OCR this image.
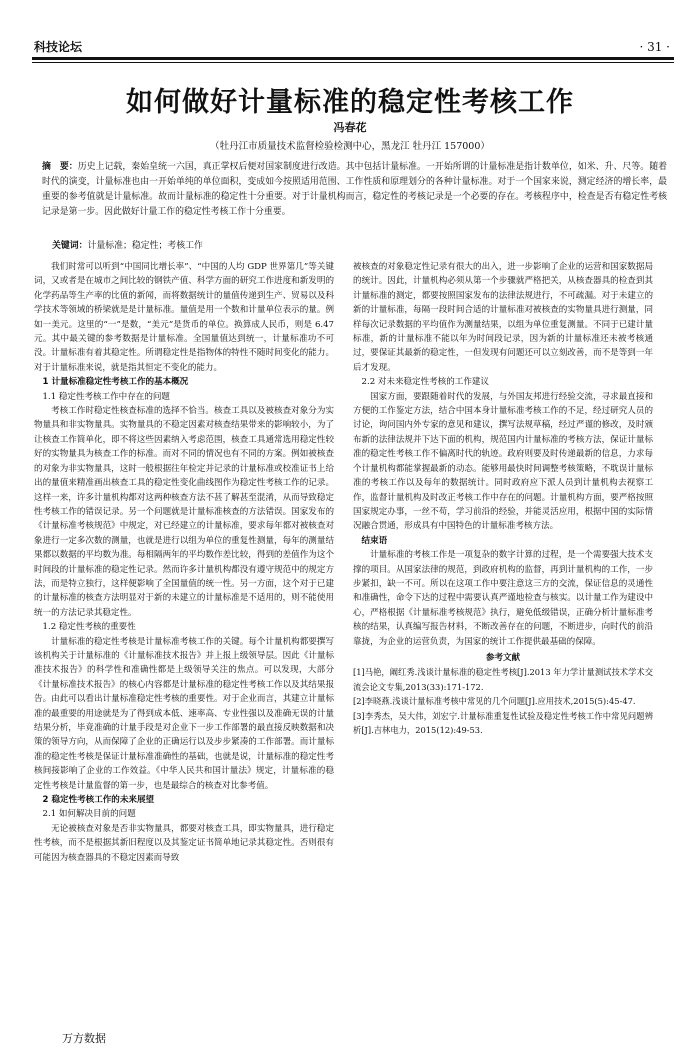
科技论坛	· 31 ·
如何做好计量标准的稳定性考核工作
冯春花
（牡丹江市质量技术监督检验检测中心，黑龙江 牡丹江 157000）
摘　要：历史上记载，秦始皇统一六国，真正掌权后便对国家制度进行改造。其中包括计量标准。一开始所谓的计量标准是指计数单位，如米、升、尺等。随着时代的演变，计量标准也由一开始单纯的单位面积，变成如今按照适用范围、工作性质和原理划分的各种计量标准。对于一个国家来说，测定经济的增长率，最重要的参考值就是计量标准。故而计量标准的稳定性十分重要。对于计量机构而言，稳定性的考核记录是一个必要的存在。考核程序中，检查是否有稳定性考核记录是第一步。因此做好计量工作的稳定性考核工作十分重要。
关键词：计量标准；稳定性；考核工作

我们时常可以听到“中国同比增长率”、“中国的人均 GDP 世界第几”等关键词，又或者是在城市之间比较的钢铁产值、科学方面的研究工作进度和新发明的化学药品等生产率的比值的新闻，而将数据统计的量值传递到生产、贸易以及科学技术等领域的桥梁就是是计量标准。量值是用一个数和计量单位表示的量。例如一美元。这里的“一”是数，“美元”是货币的单位。换算成人民币，则是 6.47 元。其中最关键的参考数据是计量标准。全国量值达到统一，计量标准功不可没。计量标准有着其稳定性。所谓稳定性是指物体的特性不随时间变化的能力。对于计量标准来说，就是指其恒定不变化的能力。

1 计量标准稳定性考核工作的基本概况

1.1 稳定性考核工作中存在的问题

考核工作时稳定性核查标准的选择不恰当。核查工具以及被核查对象分为实物量具和非实物量具。实物量具的不稳定因素对核查结果带来的影响较小，为了让核查工作简单化，即不将这些因素纳入考虑范围，核查工具通常选用稳定性较好的实物量具为核查工作的标准。而对不同的情况也有不同的方案。例如被核查的对象为非实物量具，这时一般根据往年检定并记录的计量标准或校准证书上给出的量值来精准画出核查工具的稳定性变化曲线图作为稳定性考核工作的记录。这样一来，许多计量机构都对这两种核查方法不甚了解甚至混淆，从而导致稳定性考核工作的错误记录。另一个问题就是计量标准核查的方法错误。国家发布的《计量标准考核规范》中规定，对已经建立的计量标准，要求每年都对被核查对象进行一定多次数的测量，也就是进行以组为单位的重复性测量，每年的测量结果都以数据的平均数为准。每相隔两年的平均数作差比较，得到的差值作为这个时间段的计量标准的稳定性记录。然而许多计量机构都没有遵守规范中的规定方法，而是特立独行，这样便影响了全国量值的统一性。另一方面，这个对于已建的计量标准的核查方法明显对于新的未建立的计量标准是不适用的，则不能使用统一的方法记录其稳定性。

1.2 稳定性考核的重要性

计量标准的稳定性考核是计量标准考核工作的关键。每个计量机构都要撰写该机构关于计量标准的《计量标准技术报告》并上报上级领导层。因此《计量标准技术报告》的科学性和准确性都是上级领导关注的焦点。可以发现，大部分《计量标准技术报告》的核心内容都是计量标准的稳定性考核工作以及其结果报告。由此可以看出计量标准稳定性考核的重要性。对于企业而言，其建立计量标准的最重要的用途就是为了得到成本低、速率高、专业性强以及准确无误的计量结果分析，毕竟准确的计量手段是对企业下一步工作部署的最直接反映数据和决策的领导方向，从而保障了企业的正确运行以及步步紧凑的工作部署。而计量标准的稳定性考核是保证计量标准准确性的基础，也就是说，计量标准的稳定性考核间接影响了企业的工作效益。《中华人民共和国计量法》规定，计量标准的稳定性考核是计量监督的第一步，也是最综合的核查对比参考值。

2 稳定性考核工作的未来展望

2.1 如何解决目前的问题

无论被核查对象是否非实物量具，都要对核查工具，即实物量具，进行稳定性考核，而不是根据其新旧程度以及其鉴定证书简单地记录其稳定性。否则很有可能因为核查器具的不稳定因素而导致

被核查的对象稳定性记录有很大的出入，进一步影响了企业的运营和国家数据局的统计。因此，计量机构必须从第一个步骤就严格把关，从核查器具的检查到其计量标准的测定，都要按照国家发布的法律法规进行，不可疏漏。对于未建立的新的计量标准，每隔一段时间合适的计量标准对被核查的实物量具进行测量，同样每次记录数据的平均值作为测量结果，以组为单位重复测量。不同于已建计量标准，新的计量标准不能以年为时间段记录，因为新的计量标准还未被考核通过，要保证其最新的稳定性，一但发现有问题还可以立刻改善，而不是等到一年后才发现。

2.2 对未来稳定性考核的工作建议

国家方面，要跟随着时代的发展，与外国友邦进行经验交流，寻求最直接和方便的工作鉴定方法，结合中国本身计量标准考核工作的不足，经过研究人员的讨论，询问国内外专家的意见和建议，撰写法规草稿，经过严谨的修改，及时颁布新的法律法规并下达下面的机构，规范国内计量标准的考核方法，保证计量标准的稳定性考核工作不偏离时代的轨迹。政府则要及时传递最新的信息，力求每个计量机构都能掌握最新的动态。能够用最快时间调整考核策略，不耽误计量标准的考核工作以及每年的数据统计。同时政府应下派人员到计量机构去视察工作，监督计量机构及时改正考核工作中存在的问题。计量机构方面，要严格按照国家规定办事，一丝不苟，学习前沿的经验，并能灵活应用，根据中国的实际情况融合贯通，形成具有中国特色的计量标准考核方法。

结束语

计量标准的考核工作是一项复杂的数字计算的过程，是一个需要强大技术支撑的项目。从国家法律的规范，到政府机构的监督，再到计量机构的工作，一步步紧扣，缺一不可。所以在这项工作中要注意这三方的交流，保证信息的灵通性和准确性，命令下达的过程中需要认真严谨地检查与核实。以计量工作为建设中心，严格根据《计量标准考核规范》执行，避免低级错误，正确分析计量标准考核的结果，认真编写报告材料，不断改善存在的问题，不断进步，向时代的前沿靠拢，为企业的运营负责，为国家的统计工作提供最基础的保障。

参考文献

[1]马艳，阚红秀.浅谈计量标准的稳定性考核[J].2013 年力学计量测试技术学术交流会论文专集,2013(33):171-172.

[2]李晓燕.浅谈计量标准考核中常见的几个问题[J].应用技术,2015(5):45-47.

[3]李秀杰，吴大伟，刘宏宁.计量标准重复性试验及稳定性考核工作中常见问题辨析[J].吉林电力，2015(12):49-53.

万方数据
